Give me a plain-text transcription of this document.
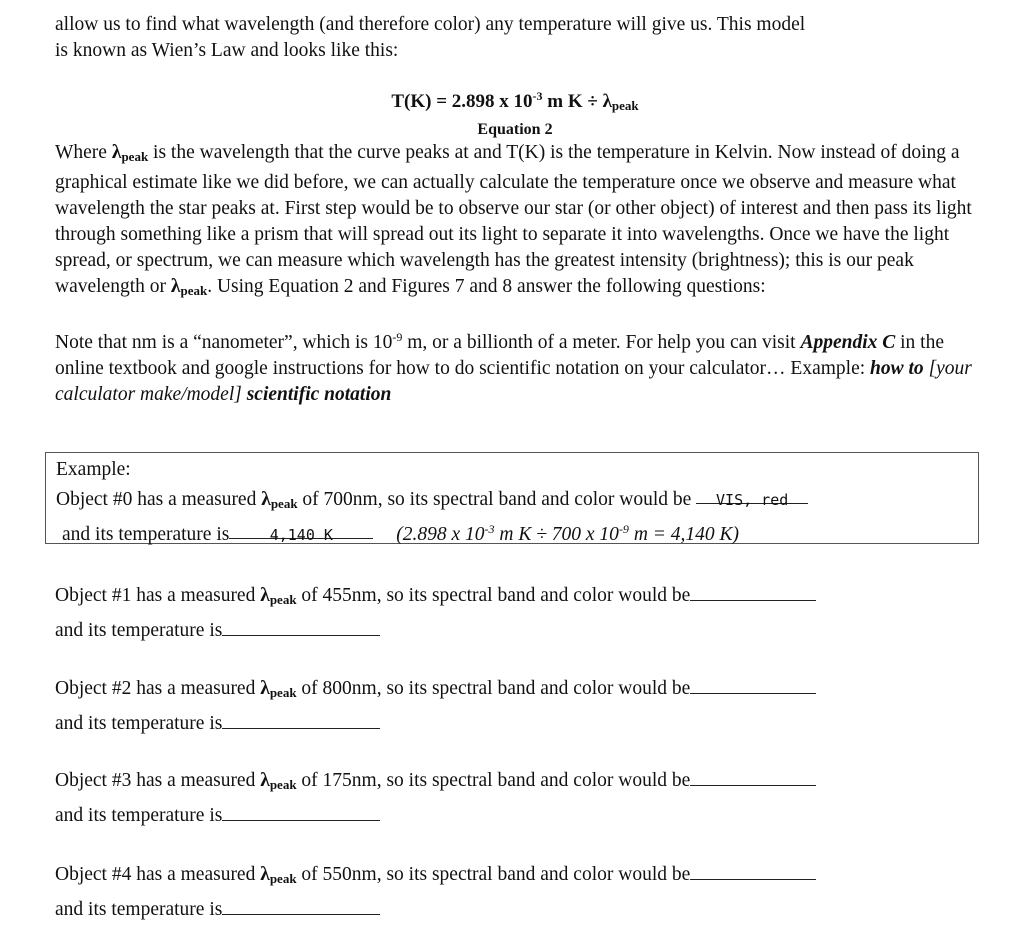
allow us to find what wavelength (and therefore color) any temperature will give us. This model
is known as Wien’s Law and looks like this:

T(K) = 2.898 x $10^{-3}$ m $K \div \lambda_{peak}$
Equation 2

Where $\lambda_{peak}$ is the wavelength that the curve peaks at and T(K) is the temperature in Kelvin. Now instead of doing a graphical estimate like we did before, we can actually calculate the temperature once we observe and measure what wavelength the star peaks at. First step would be to observe our star (or other object) of interest and then pass its light through something like a prism that will spread out its light to separate it into wavelengths. Once we have the light spread, or spectrum, we can measure which wavelength has the greatest intensity (brightness); this is our peak wavelength or $\lambda_{peak}$. Using Equation 2 and Figures 7 and 8 answer the following questions:

Note that nm is a “nanometer”, which is $10^{-9}$ m, or a billionth of a meter. For help you can visit Appendix C in the online textbook and google instructions for how to do scientific notation on your calculator… Example: how to [your calculator make/model] scientific notation

Example:

Object #0 has a measured $\lambda_{peak}$ of 700nm, so its spectral band and color would be VIS, red

and its temperature is	4,140 K	(2.898 x $10^{-3}$ m K ÷ 700 x $10^{-9}$ m = 4,140 K)

Object #1 has a measured $\lambda_{peak}$ of 455nm, so its spectral band and color would be

and its temperature is

Object #2 has a measured $\lambda_{peak}$ of 800nm, so its spectral band and color would be

and its temperature is

Object #3 has a measured $\lambda_{peak}$ of 175nm, so its spectral band and color would be

and its temperature is

Object #4 has a measured $\lambda_{peak}$ of 550nm, so its spectral band and color would be

and its temperature is
